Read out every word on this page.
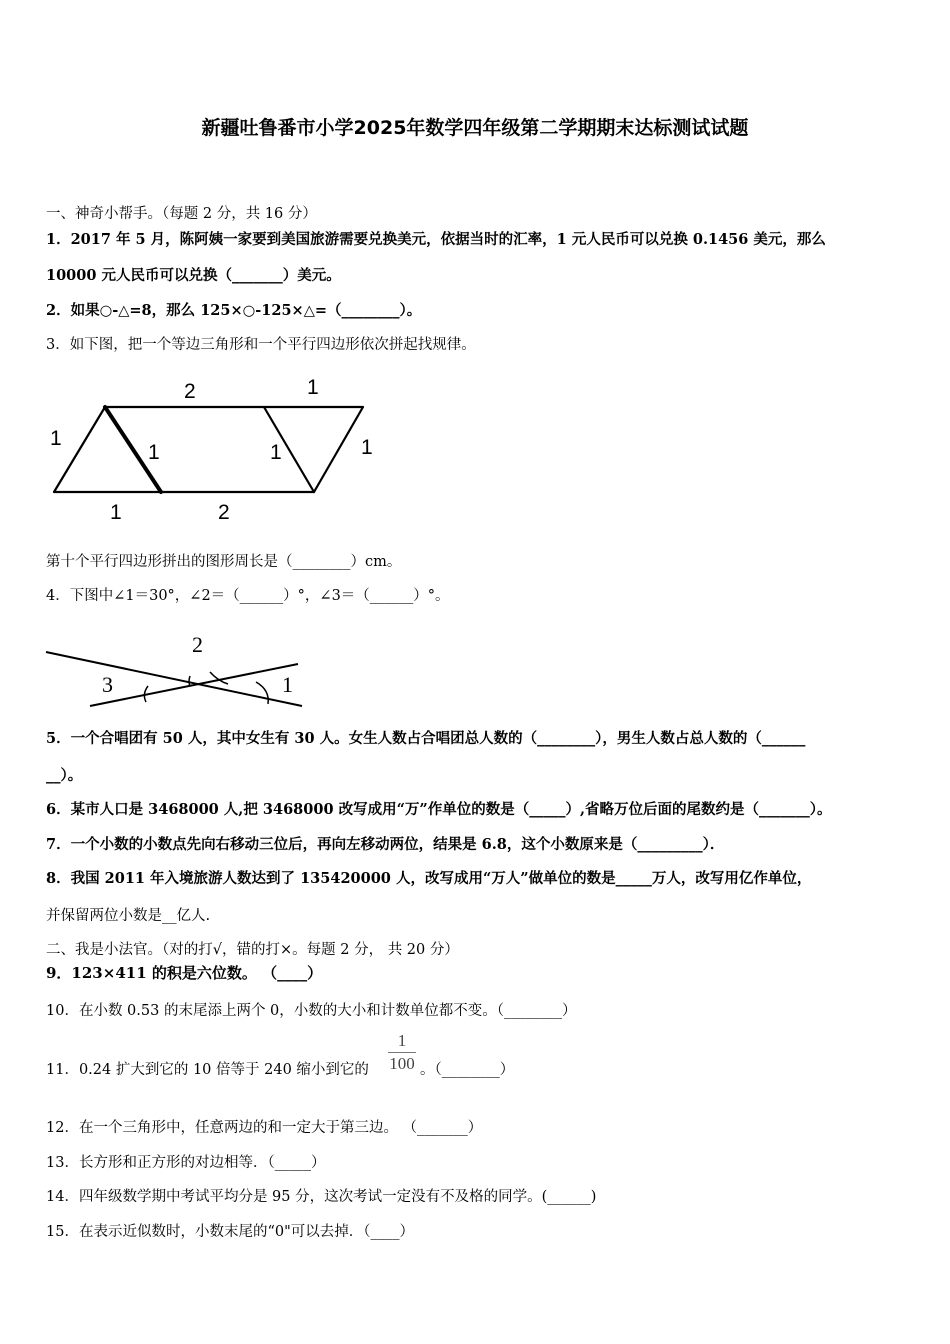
新疆吐鲁番市小学2025年数学四年级第二学期期末达标测试试题
一、神奇小帮手。（每题 2 分，共 16 分）
1．2017 年 5 月，陈阿姨一家要到美国旅游需要兑换美元，依据当时的汇率，1 元人民币可以兑换 0.1456 美元，那么
10000 元人民币可以兑换（_______）美元。
2．如果○-△=8，那么 125×○-125×△=（________）。
3．如下图，把一个等边三角形和一个平行四边形依次拼起找规律。
2	1
1
1	1	1
1	2
第十个平行四边形拼出的图形周长是（________）cm。
4．下图中∠1＝30°，∠2＝（______）°，∠3＝（______）°。
2
3	1
5．一个合唱团有 50 人，其中女生有 30 人。女生人数占合唱团总人数的（________），男生人数占总人数的（______
__）。
6．某市人口是 3468000 人,把 3468000 改写成用“万”作单位的数是（_____）,省略万位后面的尾数约是（_______）。
7．一个小数的小数点先向右移动三位后，再向左移动两位，结果是 6.8，这个小数原来是（_________）．
8．我国 2011 年入境旅游人数达到了 135420000 人，改写成用“万人”做单位的数是_____万人，改写用亿作单位，
并保留两位小数是__亿人.
二、我是小法官。（对的打√，错的打×。每题 2 分， 共 20 分）
9．123×411 的积是六位数。 （____）
10．在小数 0.53 的末尾添上两个 0，小数的大小和计数单位都不变。（________）
11．0.24 扩大到它的 10 倍等于 240 缩小到它的
1
100 。（________）
12．在一个三角形中，任意两边的和一定大于第三边。 （_______）
13．长方形和正方形的对边相等．（_____）
14．四年级数学期中考试平均分是 95 分，这次考试一定没有不及格的同学。(______)
15．在表示近似数时，小数末尾的“0"可以去掉．（____）
